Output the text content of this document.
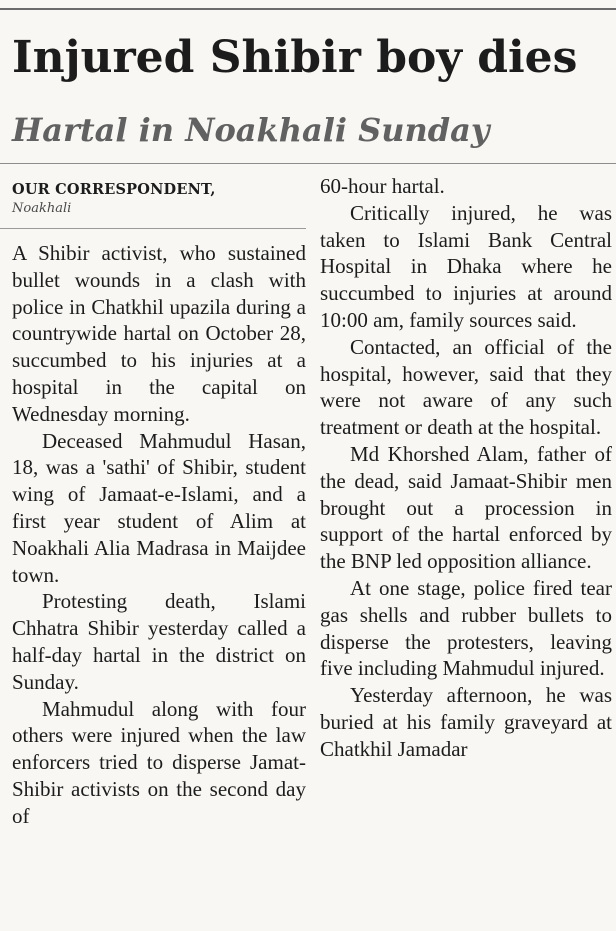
Injured Shibir boy dies
Hartal in Noakhali Sunday
OUR CORRESPONDENT,
Noakhali

A Shibir activist, who sustained bullet wounds in a clash with police in Chatkhil upazila during a countrywide hartal on October 28, succumbed to his injuries at a hospital in the capital on Wednesday morning.

Deceased Mahmudul Hasan, 18, was a 'sathi' of Shibir, student wing of Jamaat-e-Islami, and a first year student of Alim at Noakhali Alia Madrasa in Maijdee town.

Protesting death, Islami Chhatra Shibir yesterday called a half-day hartal in the district on Sunday.

Mahmudul along with four others were injured when the law enforcers tried to disperse Jamat-Shibir activists on the second day of

60-hour hartal.

Critically injured, he was taken to Islami Bank Central Hospital in Dhaka where he succumbed to injuries at around 10:00 am, family sources said.

Contacted, an official of the hospital, however, said that they were not aware of any such treatment or death at the hospital.

Md Khorshed Alam, father of the dead, said Jamaat-Shibir men brought out a procession in support of the hartal enforced by the BNP led opposition alliance.

At one stage, police fired tear gas shells and rubber bullets to disperse the protesters, leaving five including Mahmudul injured.

Yesterday afternoon, he was buried at his family graveyard at Chatkhil Jamadar
